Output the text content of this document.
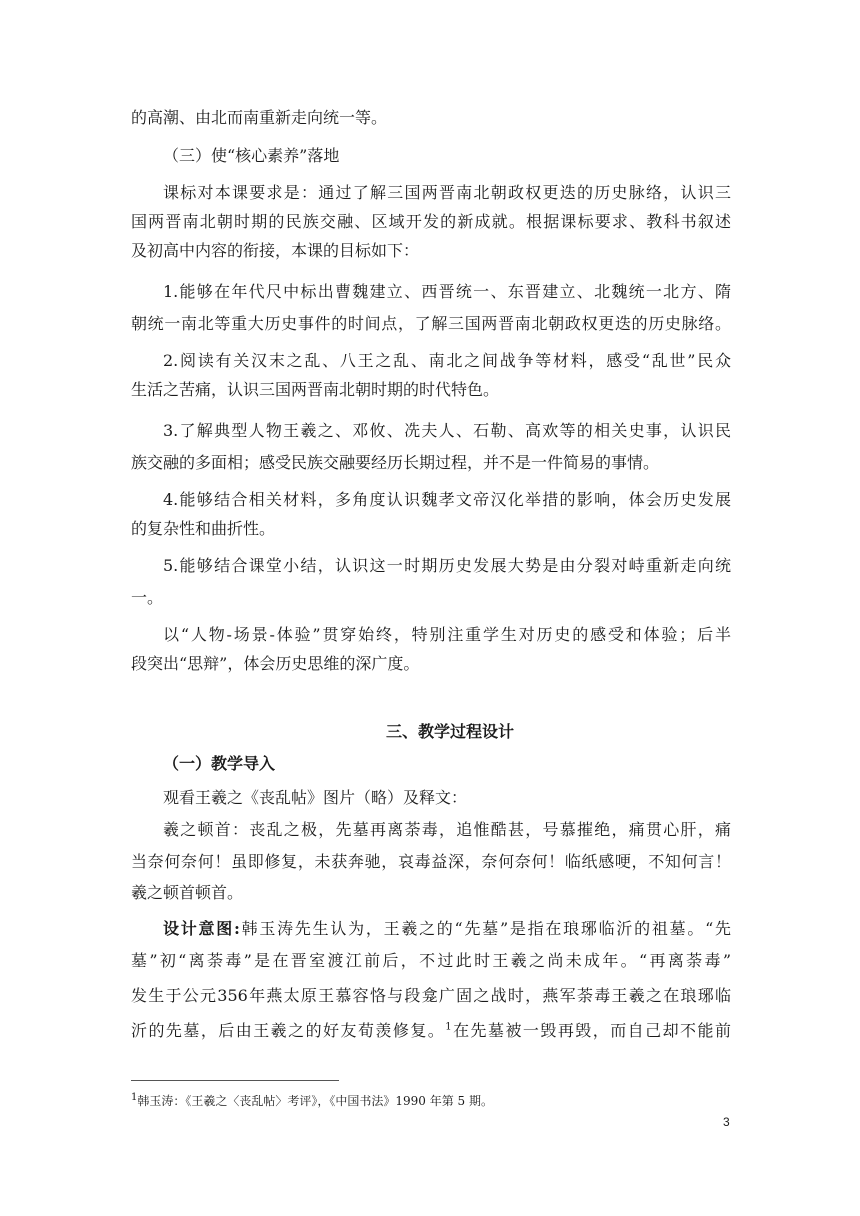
的高潮、由北而南重新走向统一等。
（三）使“核心素养”落地
课标对本课要求是：通过了解三国两晋南北朝政权更迭的历史脉络，认识三
国两晋南北朝时期的民族交融、区域开发的新成就。根据课标要求、教科书叙述
及初高中内容的衔接，本课的目标如下：
1.能够在年代尺中标出曹魏建立、西晋统一、东晋建立、北魏统一北方、隋
朝统一南北等重大历史事件的时间点，了解三国两晋南北朝政权更迭的历史脉络。
2.阅读有关汉末之乱、八王之乱、南北之间战争等材料，感受“乱世”民众
生活之苦痛，认识三国两晋南北朝时期的时代特色。
3.了解典型人物王羲之、邓攸、冼夫人、石勒、高欢等的相关史事，认识民
族交融的多面相；感受民族交融要经历长期过程，并不是一件简易的事情。
4.能够结合相关材料，多角度认识魏孝文帝汉化举措的影响，体会历史发展
的复杂性和曲折性。
5.能够结合课堂小结，认识这一时期历史发展大势是由分裂对峙重新走向统
一。
以“人物-场景-体验”贯穿始终，特别注重学生对历史的感受和体验；后半
段突出“思辩”，体会历史思维的深广度。
三、教学过程设计
（一）教学导入
观看王羲之《丧乱帖》图片（略）及释文：
羲之顿首：丧乱之极，先墓再离荼毒，追惟酷甚，号慕摧绝，痛贯心肝，痛
当奈何奈何！虽即修复，未获奔驰，哀毒益深，奈何奈何！临纸感哽，不知何言！
羲之顿首顿首。
设计意图:韩玉涛先生认为，王羲之的“先墓”是指在琅琊临沂的祖墓。“先
墓”初“离荼毒”是在晋室渡江前后，不过此时王羲之尚未成年。“再离荼毒”
发生于公元356年燕太原王慕容恪与段龛广固之战时，燕军荼毒王羲之在琅琊临
沂的先墓，后由王羲之的好友荀羡修复。$^1$在先墓被一毁再毁，而自己却不能前
$^1$韩玉涛：《王羲之〈丧乱帖〉考评》，《中国书法》1990 年第 5 期。
3
